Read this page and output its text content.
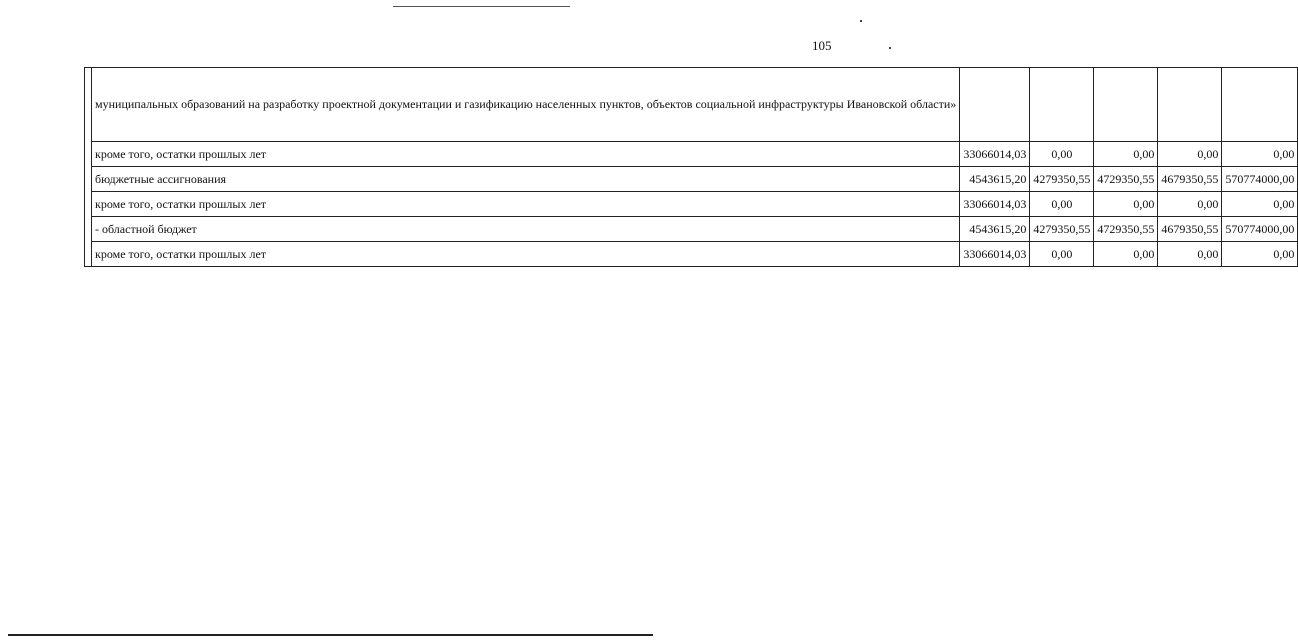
105
	муниципальных образований на разработку проектной документации и газификацию населенных пунктов, объектов социальной инфраструктуры Ивановской области»					
	кроме того, остатки прошлых лет	33066014,03	0,00	0,00	0,00	0,00
	бюджетные ассигнования	4543615,20	4279350,55	4729350,55	4679350,55	570774000,00
	кроме того, остатки прошлых лет	33066014,03	0,00	0,00	0,00	0,00
	- областной бюджет	4543615,20	4279350,55	4729350,55	4679350,55	570774000,00
	кроме того, остатки прошлых лет	33066014,03	0,00	0,00	0,00	0,00
